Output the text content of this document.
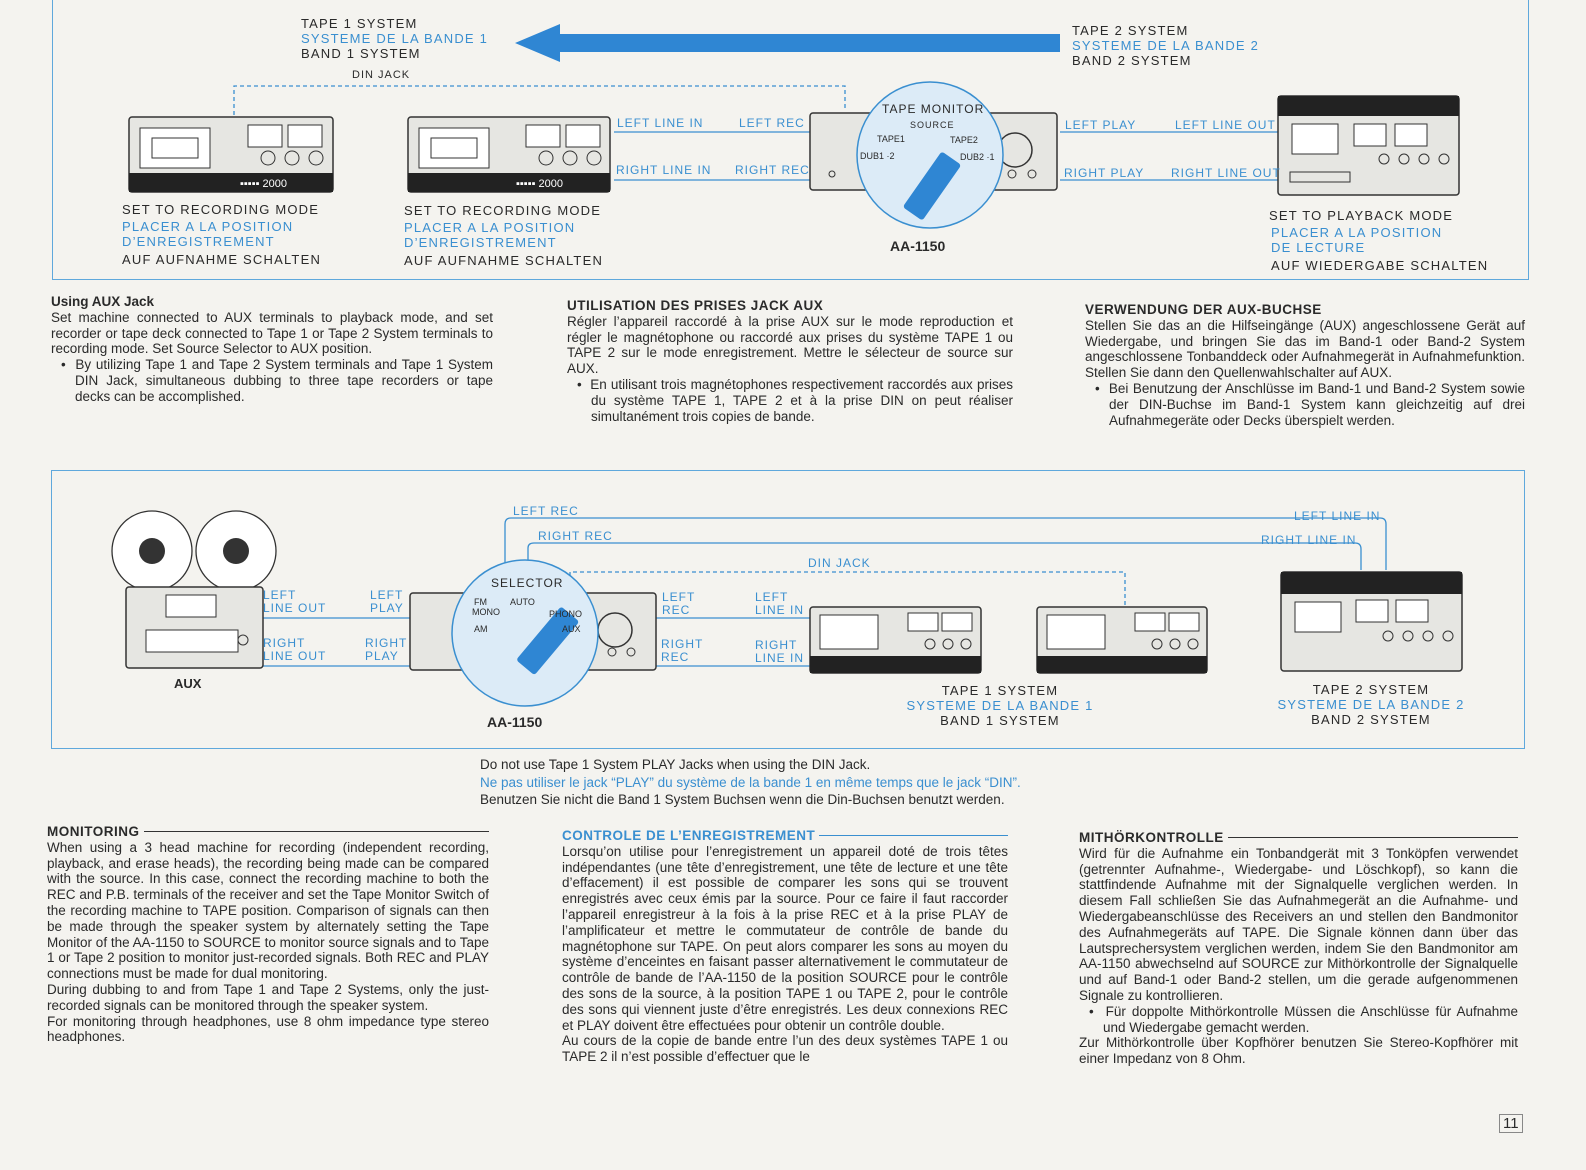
▪▪▪▪▪ 2000	▪▪▪▪▪ 2000
TAPE 1 SYSTEM
SYSTEME DE LA BANDE 1
BAND 1 SYSTEM
TAPE 2 SYSTEM
SYSTEME DE LA BANDE 2
BAND 2 SYSTEM
DIN JACK
LEFT LINE IN
RIGHT LINE IN
LEFT REC
RIGHT REC
LEFT PLAY
RIGHT PLAY
LEFT LINE OUT
RIGHT LINE OUT
TAPE MONITOR
SOURCE
TAPE1	TAPE2
DUB1 ·2	DUB2 ·1
AA-1150
SET TO RECORDING MODE
PLACER A LA POSITION
D’ENREGISTREMENT
AUF AUFNAHME SCHALTEN
SET TO RECORDING MODE
PLACER A LA POSITION
D’ENREGISTREMENT
AUF AUFNAHME SCHALTEN
SET TO PLAYBACK MODE
PLACER A LA POSITION
DE LECTURE
AUF WIEDERGABE SCHALTEN
Using AUX Jack

Set machine connected to AUX terminals to playback mode, and set recorder or tape deck connected to Tape 1 or Tape 2 System terminals to recording mode. Set Source Selector to AUX position.

•  By utilizing Tape 1 and Tape 2 System terminals and Tape 1 System DIN Jack, simultaneous dubbing to three tape recorders or tape decks can be accomplished.

UTILISATION DES PRISES JACK AUX

Régler l’appareil raccordé à la prise AUX sur le mode reproduction et régler le magnétophone ou raccordé aux prises du système TAPE 1 ou TAPE 2 sur le mode enregistrement. Mettre le sélecteur de source sur AUX.

•  En utilisant trois magnétophones respectivement raccordés aux prises du système TAPE 1, TAPE 2 et à la prise DIN on peut réaliser simultanément trois copies de bande.

VERWENDUNG DER AUX-BUCHSE

Stellen Sie das an die Hilfseingänge (AUX) angeschlossene Gerät auf Wiedergabe, und bringen Sie das im Band-1 oder Band-2 System angeschlossene Tonbanddeck oder Aufnahmegerät in Aufnahmefunktion. Stellen Sie dann den Quellenwahlschalter auf AUX.

•  Bei Benutzung der Anschlüsse im Band-1 und Band-2 System sowie der DIN-Buchse im Band-1 System kann gleichzeitig auf drei Aufnahmegeräte oder Decks überspielt werden.

LEFT REC
RIGHT REC
DIN JACK
LEFT LINE IN
RIGHT LINE IN
LEFT
LINE OUT
RIGHT
LINE OUT
LEFT
PLAY
RIGHT
PLAY
LEFT
REC
RIGHT
REC
LEFT
LINE IN
RIGHT
LINE IN
SELECTOR
FM
MONO
AUTO
AM
PHONO
AUX
AUX
AA-1150
TAPE 1 SYSTEM
SYSTEME DE LA BANDE 1
BAND 1 SYSTEM
TAPE 2 SYSTEM
SYSTEME DE LA BANDE 2
BAND 2 SYSTEM
Do not use Tape 1 System PLAY Jacks when using the DIN Jack.
Ne pas utiliser le jack “PLAY” du système de la bande 1 en même temps que le jack “DIN”.
Benutzen Sie nicht die Band 1 System Buchsen wenn die Din-Buchsen benutzt werden.
MONITORING

When using a 3 head machine for recording (independent recording, playback, and erase heads), the recording being made can be compared with the source. In this case, connect the recording machine to both the REC and P.B. terminals of the receiver and set the Tape Monitor Switch of the recording machine to TAPE position. Comparison of signals can then be made through the speaker system by alternately setting the Tape Monitor of the AA-1150 to SOURCE to monitor source signals and to Tape 1 or Tape 2 position to monitor just-recorded signals. Both REC and PLAY connections must be made for dual monitoring.

During dubbing to and from Tape 1 and Tape 2 Systems, only the just-recorded signals can be monitored through the speaker system.

For monitoring through headphones, use 8 ohm impedance type stereo headphones.

CONTROLE DE L’ENREGISTREMENT

Lorsqu’on utilise pour l’enregistrement un appareil doté de trois têtes indépendantes (une tête d’enregistrement, une tête de lecture et une tête d’effacement) il est possible de comparer les sons qui se trouvent enregistrés avec ceux émis par la source. Pour ce faire il faut raccorder l’appareil enregistreur à la fois à la prise REC et à la prise PLAY de l’amplificateur et mettre le commutateur de contrôle de bande du magnétophone sur TAPE. On peut alors comparer les sons au moyen du système d’enceintes en faisant passer alternativement le commutateur de contrôle de bande de l’AA-1150 de la position SOURCE pour le contrôle des sons de la source, à la position TAPE 1 ou TAPE 2, pour le contrôle des sons qui viennent juste d’être enregistrés. Les deux connexions REC et PLAY doivent être effectuées pour obtenir un contrôle double.

Au cours de la copie de bande entre l’un des deux systèmes TAPE 1 ou TAPE 2 il n’est possible d’effectuer que le

MITHÖRKONTROLLE

Wird für die Aufnahme ein Tonbandgerät mit 3 Tonköpfen verwendet (getrennter Aufnahme-, Wiedergabe- und Löschkopf), so kann die stattfindende Aufnahme mit der Signalquelle verglichen werden. In diesem Fall schließen Sie das Aufnahmegerät an die Aufnahme- und Wiedergabeanschlüsse des Receivers an und stellen den Bandmonitor des Aufnahmegeräts auf TAPE. Die Signale können dann über das Lautsprechersystem verglichen werden, indem Sie den Bandmonitor am AA-1150 abwechselnd auf SOURCE zur Mithörkontrolle der Signalquelle und auf Band-1 oder Band-2 stellen, um die gerade aufgenommenen Signale zu kontrollieren.

•  Für doppolte Mithörkontrolle Müssen die Anschlüsse für Aufnahme und Wiedergabe gemacht werden.

Zur Mithörkontrolle über Kopfhörer benutzen Sie Stereo-Kopfhörer mit einer Impedanz von 8 Ohm.

11
